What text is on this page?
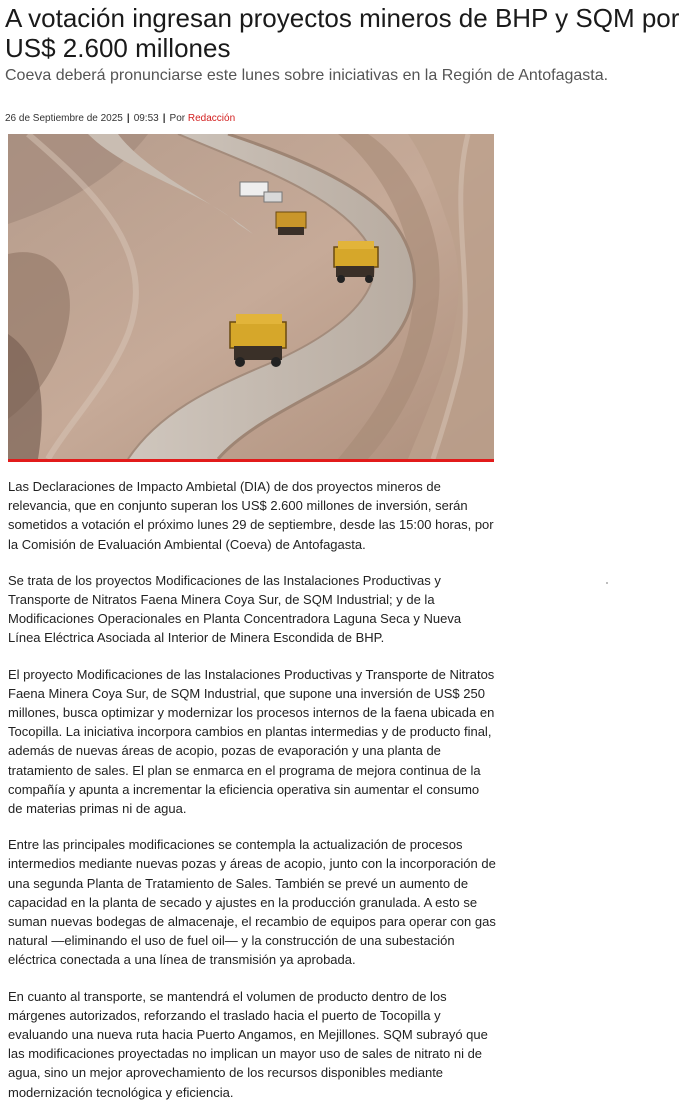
A votación ingresan proyectos mineros de BHP y SQM por US$ 2.600 millones

Coeva deberá pronunciarse este lunes sobre iniciativas en la Región de Antofagasta.

26 de Septiembre de 2025 | 09:53 | Por Redacción

Las Declaraciones de Impacto Ambietal (DIA) de dos proyectos mineros de relevancia, que en conjunto superan los US$ 2.600 millones de inversión, serán sometidos a votación el próximo lunes 29 de septiembre, desde las 15:00 horas, por la Comisión de Evaluación Ambiental (Coeva) de Antofagasta.

Se trata de los proyectos Modificaciones de las Instalaciones Productivas y Transporte de Nitratos Faena Minera Coya Sur, de SQM Industrial; y de la Modificaciones Operacionales en Planta Concentradora Laguna Seca y Nueva Línea Eléctrica Asociada al Interior de Minera Escondida de BHP.

El proyecto Modificaciones de las Instalaciones Productivas y Transporte de Nitratos Faena Minera Coya Sur, de SQM Industrial, que supone una inversión de US$ 250 millones, busca optimizar y modernizar los procesos internos de la faena ubicada en Tocopilla. La iniciativa incorpora cambios en plantas intermedias y de producto final, además de nuevas áreas de acopio, pozas de evaporación y una planta de tratamiento de sales. El plan se enmarca en el programa de mejora continua de la compañía y apunta a incrementar la eficiencia operativa sin aumentar el consumo de materias primas ni de agua.

Entre las principales modificaciones se contempla la actualización de procesos intermedios mediante nuevas pozas y áreas de acopio, junto con la incorporación de una segunda Planta de Tratamiento de Sales. También se prevé un aumento de capacidad en la planta de secado y ajustes en la producción granulada. A esto se suman nuevas bodegas de almacenaje, el recambio de equipos para operar con gas natural —eliminando el uso de fuel oil— y la construcción de una subestación eléctrica conectada a una línea de transmisión ya aprobada.

En cuanto al transporte, se mantendrá el volumen de producto dentro de los márgenes autorizados, reforzando el traslado hacia el puerto de Tocopilla y evaluando una nueva ruta hacia Puerto Angamos, en Mejillones. SQM subrayó que las modificaciones proyectadas no implican un mayor uso de sales de nitrato ni de agua, sino un mejor aprovechamiento de los recursos disponibles mediante modernización tecnológica y eficiencia.
